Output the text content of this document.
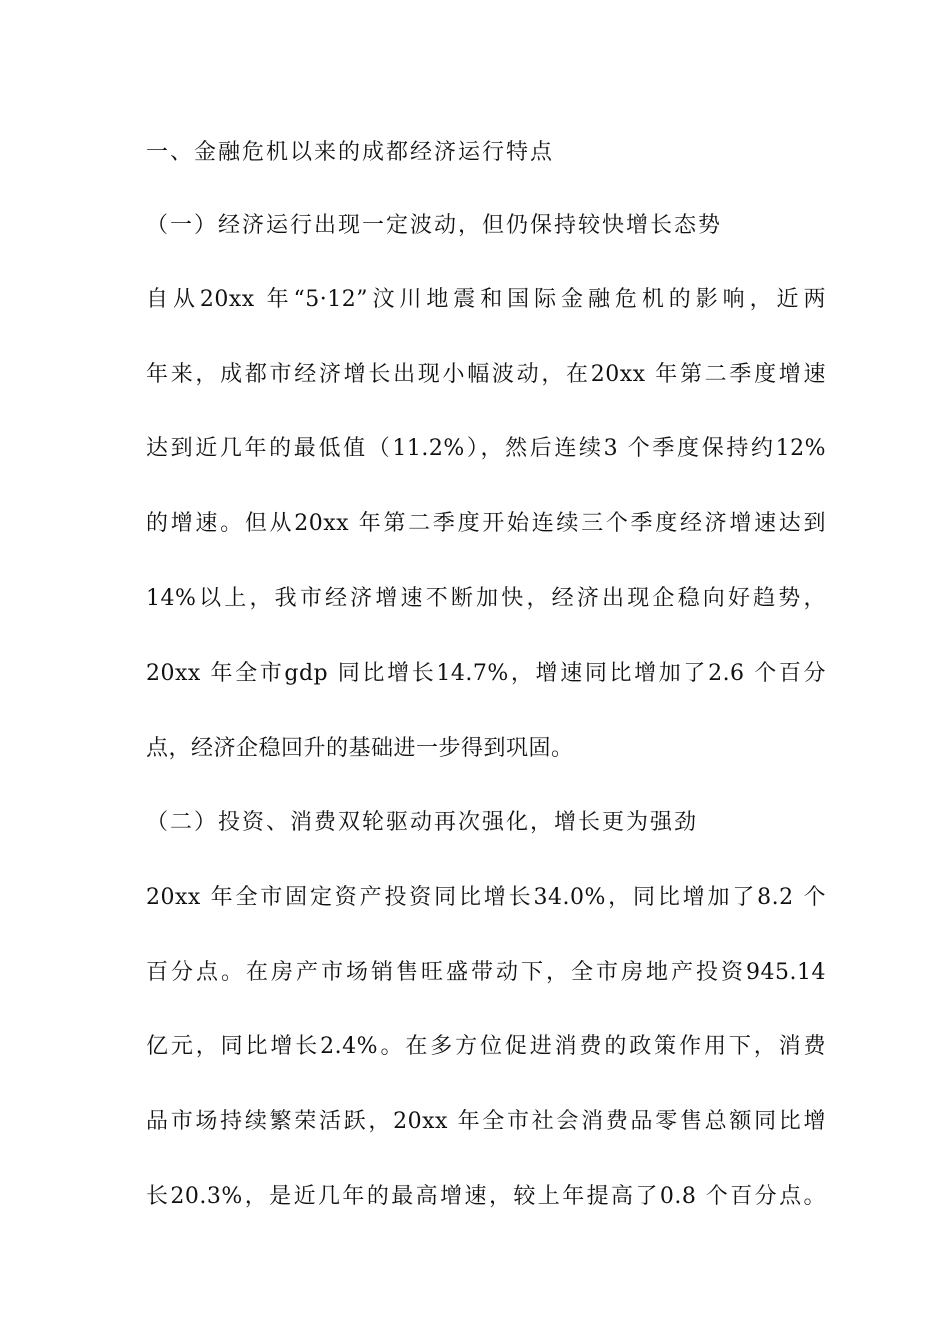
一、金融危机以来的成都经济运行特点
（一）经济运行出现一定波动，但仍保持较快增长态势
自从20xx 年“5·12”汶川地震和国际金融危机的影响，近两
年来，成都市经济增长出现小幅波动，在20xx 年第二季度增速
达到近几年的最低值（11.2%），然后连续3 个季度保持约12%
的增速。但从20xx 年第二季度开始连续三个季度经济增速达到
14%以上，我市经济增速不断加快，经济出现企稳向好趋势，
20xx 年全市gdp 同比增长14.7%，增速同比增加了2.6 个百分
点，经济企稳回升的基础进一步得到巩固。
（二）投资、消费双轮驱动再次强化，增长更为强劲
20xx 年全市固定资产投资同比增长34.0%，同比增加了8.2 个
百分点。在房产市场销售旺盛带动下，全市房地产投资945.14
亿元，同比增长2.4%。在多方位促进消费的政策作用下，消费
品市场持续繁荣活跃，20xx 年全市社会消费品零售总额同比增
长20.3%，是近几年的最高增速，较上年提高了0.8 个百分点。
